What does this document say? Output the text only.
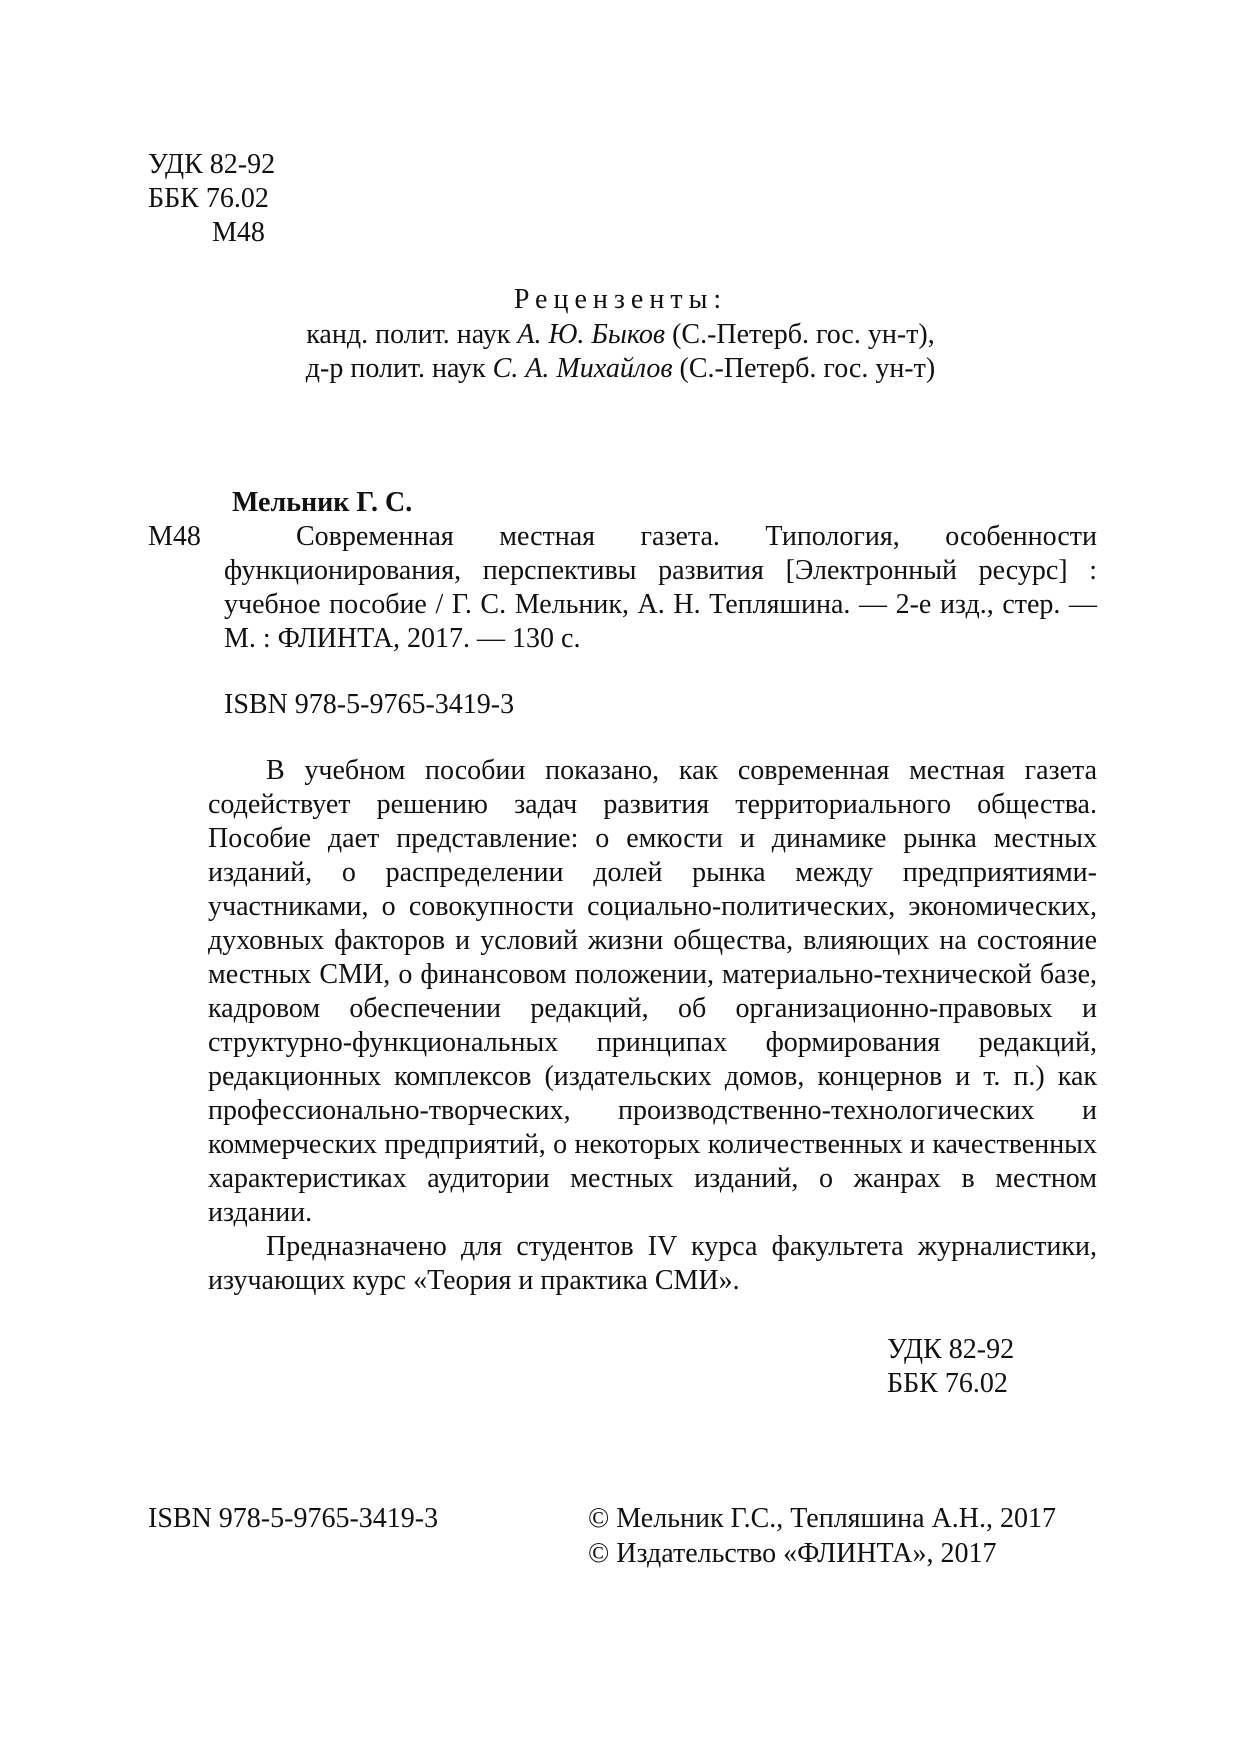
УДК 82-92
ББК 76.02
М48
Рецензенты:
канд. полит. наук А. Ю. Быков (С.-Петерб. гос. ун-т),
д-р полит. наук С. А. Михайлов (С.-Петерб. гос. ун-т)
Мельник Г. С.
М48	Современная местная газета. Типология, особенности функционирования, перспективы развития [Электронный ресурс] : учебное пособие / Г. С. Мельник, А. Н. Тепляшина. — 2-е изд., стер. — М. : ФЛИНТА, 2017. — 130 с.

ISBN 978-5-9765-3419-3

В учебном пособии показано, как современная местная газета содействует решению задач развития территориального общества. Пособие дает представление: о емкости и динамике рынка местных изданий, о распределении долей рынка между предприятиями-участниками, о совокупности социально-политических, экономических, духовных факторов и условий жизни общества, влияющих на состояние местных СМИ, о финансовом положении, материально-технической базе, кадровом обеспечении редакций, об организационно-правовых и структурно-функциональных принципах формирования редакций, редакционных комплексов (издательских домов, концернов и т. п.) как профессионально-творческих, производственно-технологических и коммерческих предприятий, о некоторых количественных и качественных характеристиках аудитории местных изданий, о жанрах в местном издании.

Предназначено для студентов IV курса факультета журналистики, изучающих курс «Теория и практика СМИ».

УДК 82-92
ББК 76.02
ISBN 978-5-9765-3419-3	© Мельник Г.С., Тепляшина А.Н., 2017
© Издательство «ФЛИНТА», 2017
